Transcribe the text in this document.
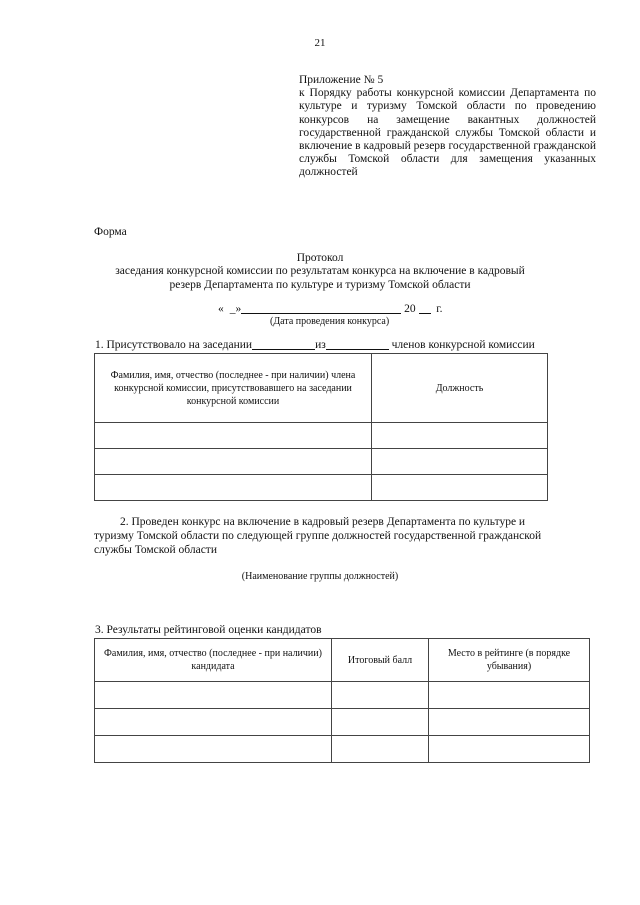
21
Приложение № 5
к Порядку работы конкурсной комиссии Департамента по культуре и туризму Томской области по проведению конкурсов на замещение вакантных должностей государственной гражданской службы Томской области и включение в кадровый резерв государственной гражданской службы Томской области для замещения указанных должностей
Форма
Протокол
заседания конкурсной комиссии по результатам конкурса на включение в кадровый резерв Департамента по культуре и туризму Томской области
« _»	20 г.
(Дата проведения конкурса)
1. Присутствовало на заседании	из	членов конкурсной комиссии
Фамилия, имя, отчество (последнее - при наличии) члена конкурсной комиссии, присутствовавшего на заседании конкурсной комиссии	Должность

2. Проведен конкурс на включение в кадровый резерв Департамента по культуре и
туризму Томской области по следующей группе должностей государственной гражданской службы Томской области
(Наименование группы должностей)
3. Результаты рейтинговой оценки кандидатов
Фамилия, имя, отчество (последнее - при наличии) кандидата	Итоговый балл	Место в рейтинге (в порядке убывания)
